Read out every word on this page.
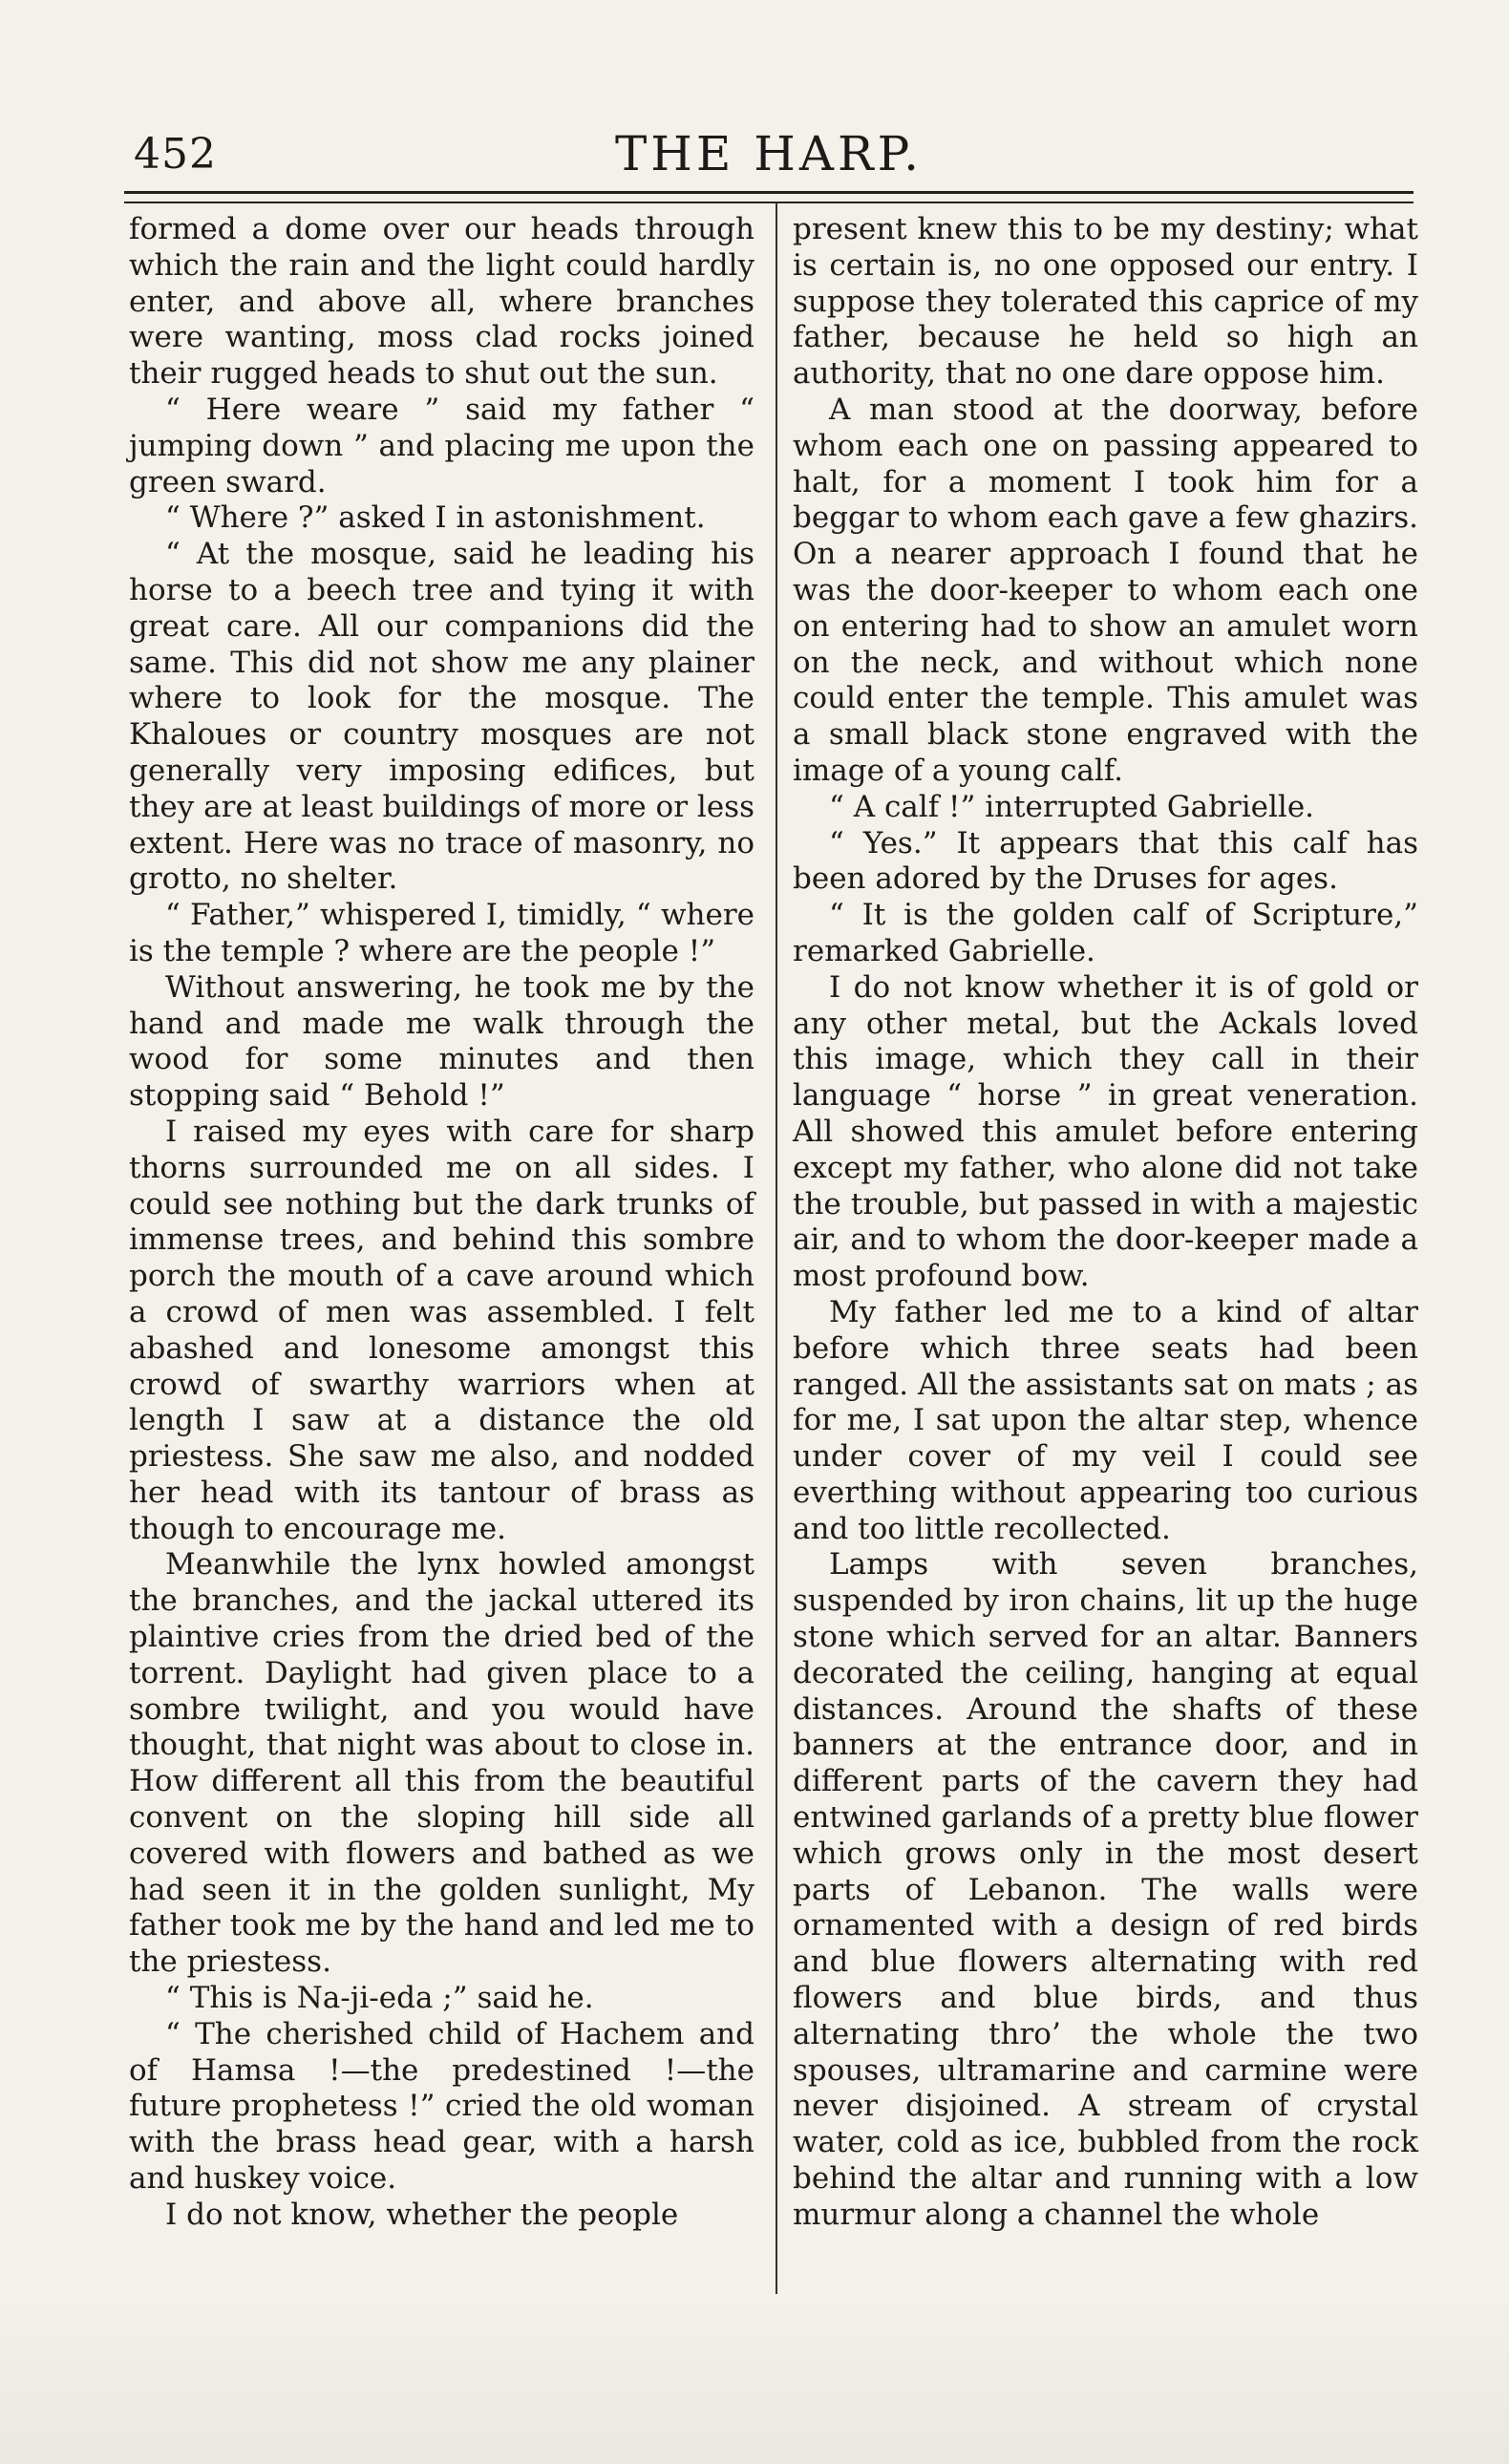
452	THE HARP.

formed a dome over our heads through which the rain and the light could hardly enter, and above all, where branches were wanting, moss clad rocks joined their rugged heads to shut out the sun.

“ Here weare ” said my father “ jumping down ” and placing me upon the green sward.

“ Where ?” asked I in astonishment.

“ At the mosque, said he leading his horse to a beech tree and tying it with great care. All our companions did the same. This did not show me any plainer where to look for the mosque. The Khaloues or country mosques are not generally very imposing edifices, but they are at least buildings of more or less extent. Here was no trace of masonry, no grotto, no shelter.

“ Father,” whispered I, timidly, “ where is the temple ? where are the people !”

Without answering, he took me by the hand and made me walk through the wood for some minutes and then stopping said “ Behold !”

I raised my eyes with care for sharp thorns surrounded me on all sides. I could see nothing but the dark trunks of immense trees, and behind this sombre porch the mouth of a cave around which a crowd of men was assembled. I felt abashed and lonesome amongst this crowd of swarthy warriors when at length I saw at a distance the old priestess. She saw me also, and nodded her head with its tantour of brass as though to encourage me.

Meanwhile the lynx howled amongst the branches, and the jackal uttered its plaintive cries from the dried bed of the torrent. Daylight had given place to a sombre twilight, and you would have thought, that night was about to close in. How different all this from the beautiful convent on the sloping hill side all covered with flowers and bathed as we had seen it in the golden sunlight, My father took me by the hand and led me to the priestess.

“ This is Na-ji-eda ;” said he.

“ The cherished child of Hachem and of Hamsa !—the predestined !—the future prophetess !” cried the old woman with the brass head gear, with a harsh and huskey voice.

I do not know, whether the people

present knew this to be my destiny; what is certain is, no one opposed our entry. I suppose they tolerated this caprice of my father, because he held so high an authority, that no one dare oppose him.

A man stood at the doorway, before whom each one on passing appeared to halt, for a moment I took him for a beggar to whom each gave a few ghazirs. On a nearer approach I found that he was the door-keeper to whom each one on entering had to show an amulet worn on the neck, and without which none could enter the temple. This amulet was a small black stone engraved with the image of a young calf.

“ A calf !” interrupted Gabrielle.

“ Yes.” It appears that this calf has been adored by the Druses for ages.

“ It is the golden calf of Scripture,” remarked Gabrielle.

I do not know whether it is of gold or any other metal, but the Ackals loved this image, which they call in their language “ horse ” in great veneration. All showed this amulet before entering except my father, who alone did not take the trouble, but passed in with a majestic air, and to whom the door-keeper made a most profound bow.

My father led me to a kind of altar before which three seats had been ranged. All the assistants sat on mats ; as for me, I sat upon the altar step, whence under cover of my veil I could see everthing without appearing too curious and too little recollected.

Lamps with seven branches, suspended by iron chains, lit up the huge stone which served for an altar. Banners decorated the ceiling, hanging at equal distances. Around the shafts of these banners at the entrance door, and in different parts of the cavern they had entwined garlands of a pretty blue flower which grows only in the most desert parts of Lebanon. The walls were ornamented with a design of red birds and blue flowers alternating with red flowers and blue birds, and thus alternating thro’ the whole the two spouses, ultramarine and carmine were never disjoined. A stream of crystal water, cold as ice, bubbled from the rock behind the altar and running with a low murmur along a channel the whole
